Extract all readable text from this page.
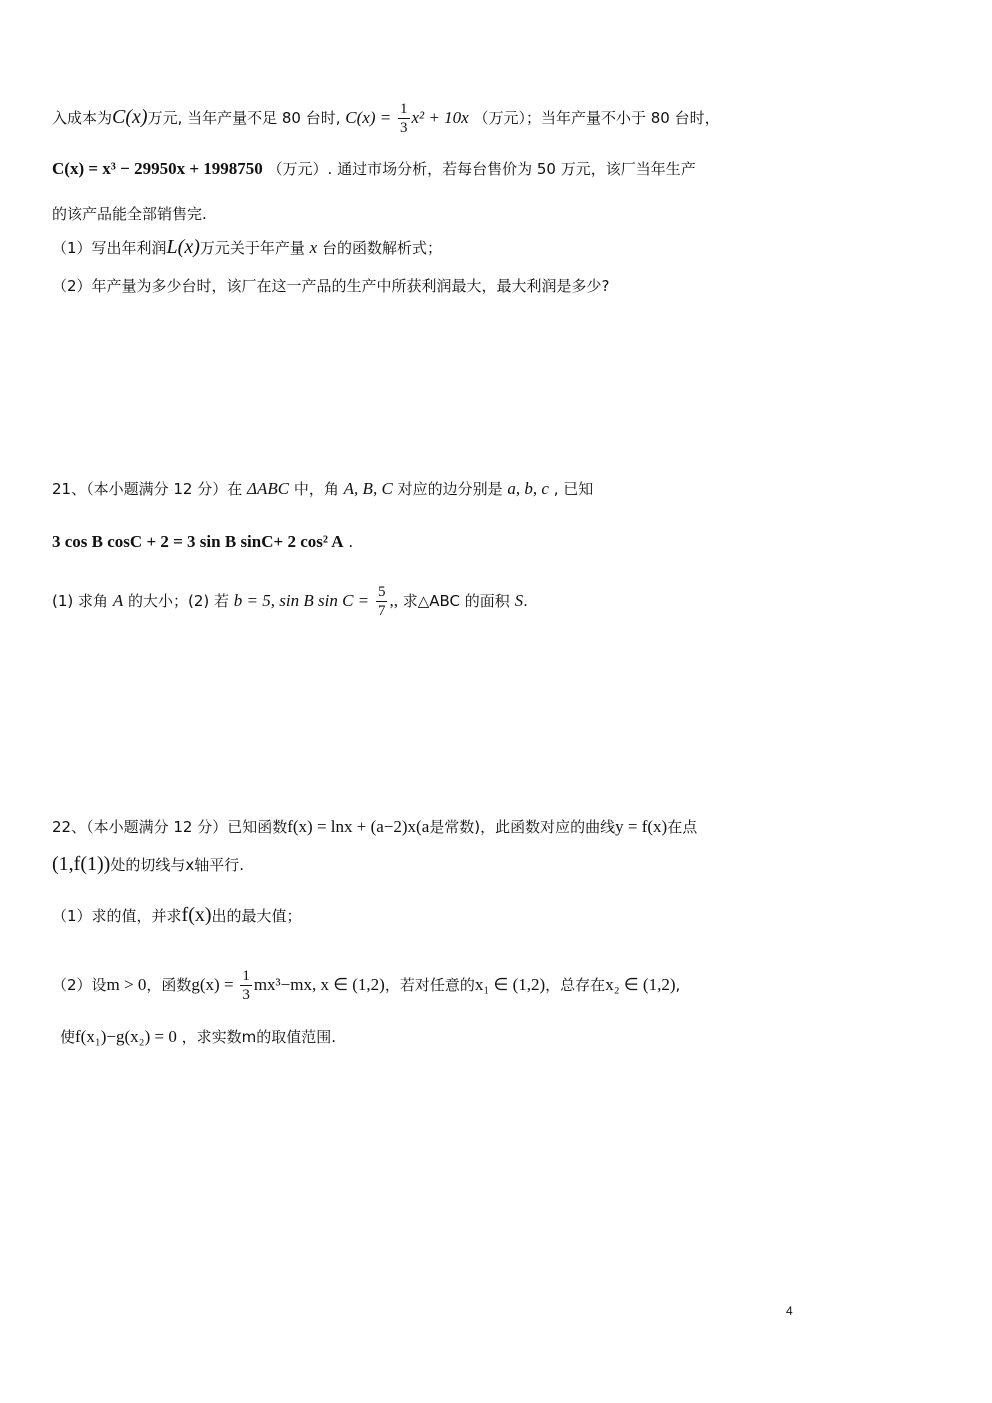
入成本为C(x)万元, 当年产量不足 80 台时, $C(x) = \frac{1}{3} x^2 + 10x$ （万元）；当年产量不小于 80 台时，
C(x) = x³ − 29950x + 1998750 （万元）. 通过市场分析，若每台售价为 50 万元，该厂当年生产
的该产品能全部销售完.
（1）写出年利润L(x)万元关于年产量 x 台的函数解析式；
（2）年产量为多少台时，该厂在这一产品的生产中所获利润最大，最大利润是多少?
21、（本小题满分 12 分）在 ΔABC 中，角 A, B, C 对应的边分别是 a, b, c , 已知
3 cos B cosC + 2 = 3 sin B sinC+ 2 cos² A .
(1) 求角 A 的大小；(2) 若 b = 5, sin B $\sin C = \frac{5}{7}$ ,, 求△ABC 的面积 S.
22、（本小题满分 12 分）已知函数f(x) = lnx + (a−2)x(a是常数)，此函数对应的曲线y = f(x)在点
(1,f(1))处的切线与x轴平行.
（1）求的值，并求f(x)出的最大值；
（2）设m > 0，函数$g(x) = \frac{1}{3} mx^3-mx$, x ∈ (1,2)，若对任意的x₁ ∈ (1,2)，总存在x₂ ∈ (1,2),
使f(x₁)−g(x₂) = 0 ，求实数m的取值范围.
4
